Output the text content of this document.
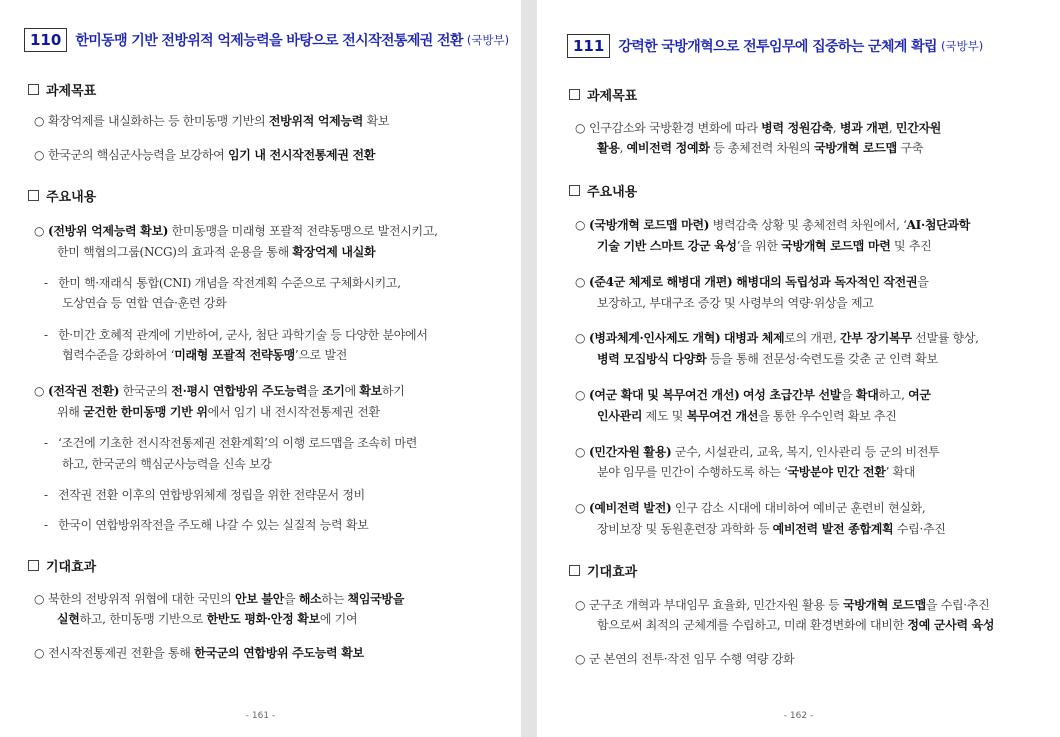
110	한미동맹 기반 전방위적 억제능력을 바탕으로 전시작전통제권 전환 (국방부)
과제목표
○ 확장억제를 내실화하는 등 한미동맹 기반의 전방위적 억제능력 확보
○ 한국군의 핵심군사능력을 보강하여 임기 내 전시작전통제권 전환
주요내용
○ (전방위 억제능력 확보) 한미동맹을 미래형 포괄적 전략동맹으로 발전시키고,
한미 핵협의그룹(NCG)의 효과적 운용을 통해 확장억제 내실화
- 한미 핵·재래식 통합(CNI) 개념을 작전계획 수준으로 구체화시키고,
도상연습 등 연합 연습·훈련 강화
- 한·미간 호혜적 관계에 기반하여, 군사, 첨단 과학기술 등 다양한 분야에서
협력수준을 강화하여 ‘미래형 포괄적 전략동맹’으로 발전
○ (전작권 전환) 한국군의 전·평시 연합방위 주도능력을 조기에 확보하기
위해 굳건한 한미동맹 기반 위에서 임기 내 전시작전통제권 전환
- ‘조건에 기초한 전시작전통제권 전환계획’의 이행 로드맵을 조속히 마련
하고, 한국군의 핵심군사능력을 신속 보강
- 전작권 전환 이후의 연합방위체제 정립을 위한 전략문서 정비
- 한국이 연합방위작전을 주도해 나갈 수 있는 실질적 능력 확보
기대효과
○ 북한의 전방위적 위협에 대한 국민의 안보 불안을 해소하는 책임국방을
실현하고, 한미동맹 기반으로 한반도 평화·안정 확보에 기여
○ 전시작전통제권 전환을 통해 한국군의 연합방위 주도능력 확보
- 161 -
111	강력한 국방개혁으로 전투임무에 집중하는 군체계 확립 (국방부)
과제목표
○ 인구감소와 국방환경 변화에 따라 병력 정원감축, 병과 개편, 민간자원
활용, 예비전력 정예화 등 총체전력 차원의 국방개혁 로드맵 구축
주요내용
○ (국방개혁 로드맵 마련) 병력감축 상황 및 총체전력 차원에서, ‘AI·첨단과학
기술 기반 스마트 강군 육성’을 위한 국방개혁 로드맵 마련 및 추진
○ (준4군 체제로 해병대 개편) 해병대의 독립성과 독자적인 작전권을
보장하고, 부대구조 증강 및 사령부의 역량·위상을 제고
○ (병과체계·인사제도 개혁) 대병과 체제로의 개편, 간부 장기복무 선발률 향상,
병력 모집방식 다양화 등을 통해 전문성·숙련도를 갖춘 군 인력 확보
○ (여군 확대 및 복무여건 개선) 여성 초급간부 선발을 확대하고, 여군
인사관리 제도 및 복무여건 개선을 통한 우수인력 확보 추진
○ (민간자원 활용) 군수, 시설관리, 교육, 복지, 인사관리 등 군의 비전투
분야 임무를 민간이 수행하도록 하는 ‘국방분야 민간 전환’ 확대
○ (예비전력 발전) 인구 감소 시대에 대비하여 예비군 훈련비 현실화,
장비보장 및 동원훈련장 과학화 등 예비전력 발전 종합계획 수립·추진
기대효과
○ 군구조 개혁과 부대임무 효율화, 민간자원 활용 등 국방개혁 로드맵을 수립·추진
함으로써 최적의 군체계를 수립하고, 미래 환경변화에 대비한 정예 군사력 육성
○ 군 본연의 전투·작전 임무 수행 역량 강화
- 162 -
